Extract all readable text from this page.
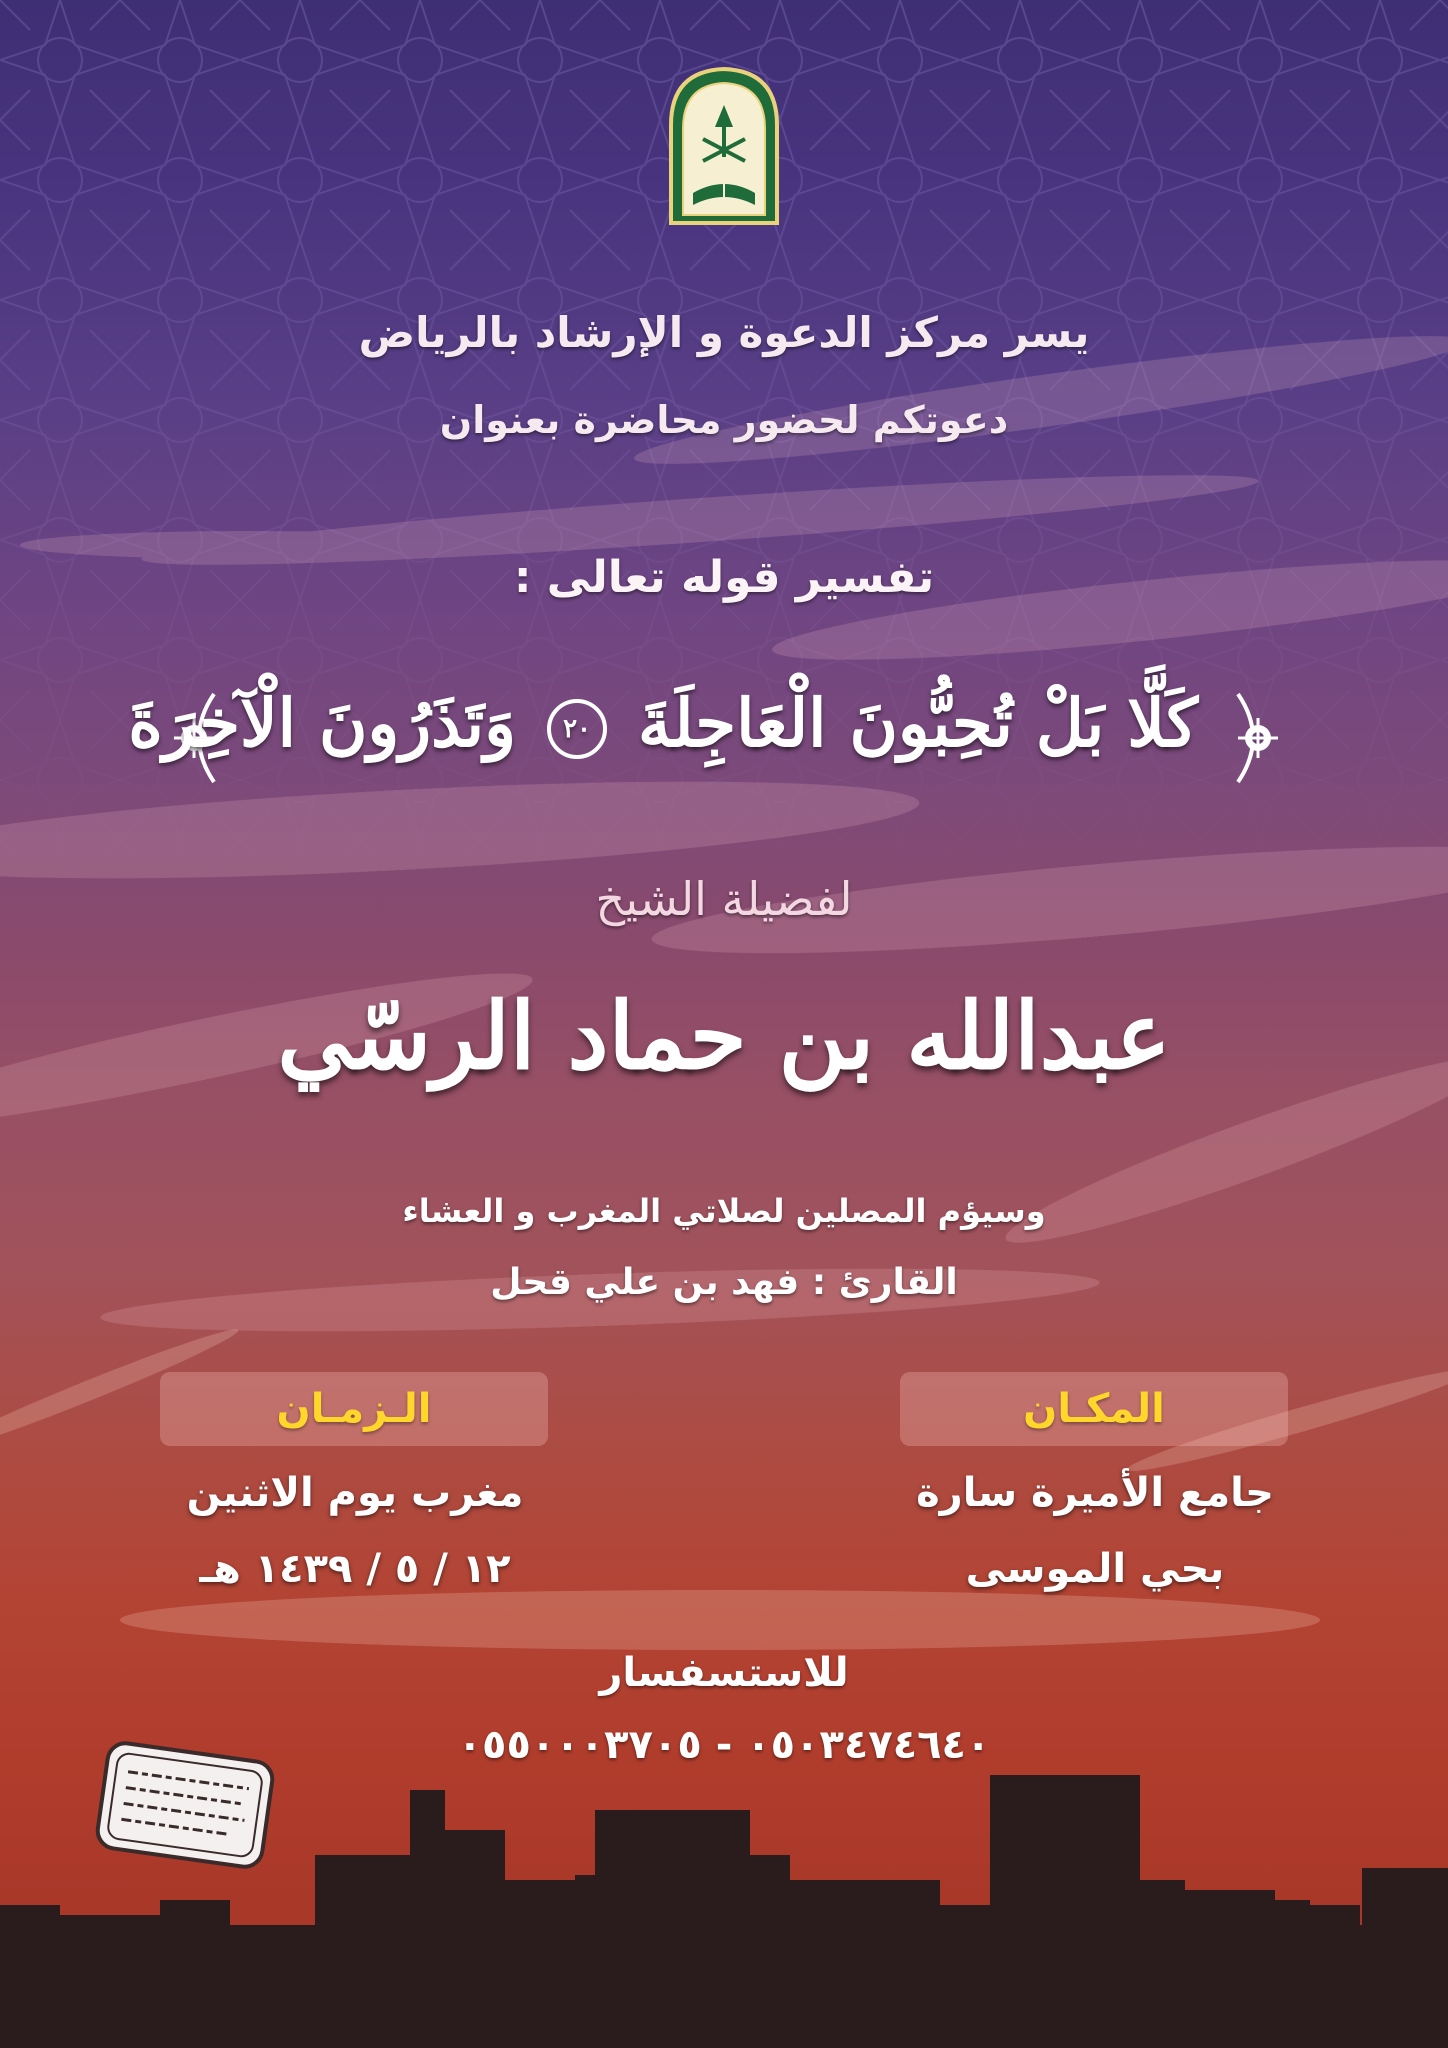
يسر مركز الدعوة و الإرشاد بالرياض
دعوتكم لحضور محاضرة بعنوان
تفسير قوله تعالى :
كَلَّا بَلْ تُحِبُّونَ الْعَاجِلَةَ ٢٠ وَتَذَرُونَ الْآخِرَةَ
لفضيلة الشيخ
عبدالله بن حماد الرسّي
وسيؤم المصلين لصلاتي المغرب و العشاء
القارئ : فهد بن علي قحل
المكـان
الـزمـان
جامع الأميرة سارة
بحي الموسى
مغرب يوم الاثنين
١٢ / ٥ / ١٤٣٩ هـ
للاستسفسار
٠٥٠٣٤٧٤٦٤٠ - ٠٥٥٠٠٠٣٧٠٥
